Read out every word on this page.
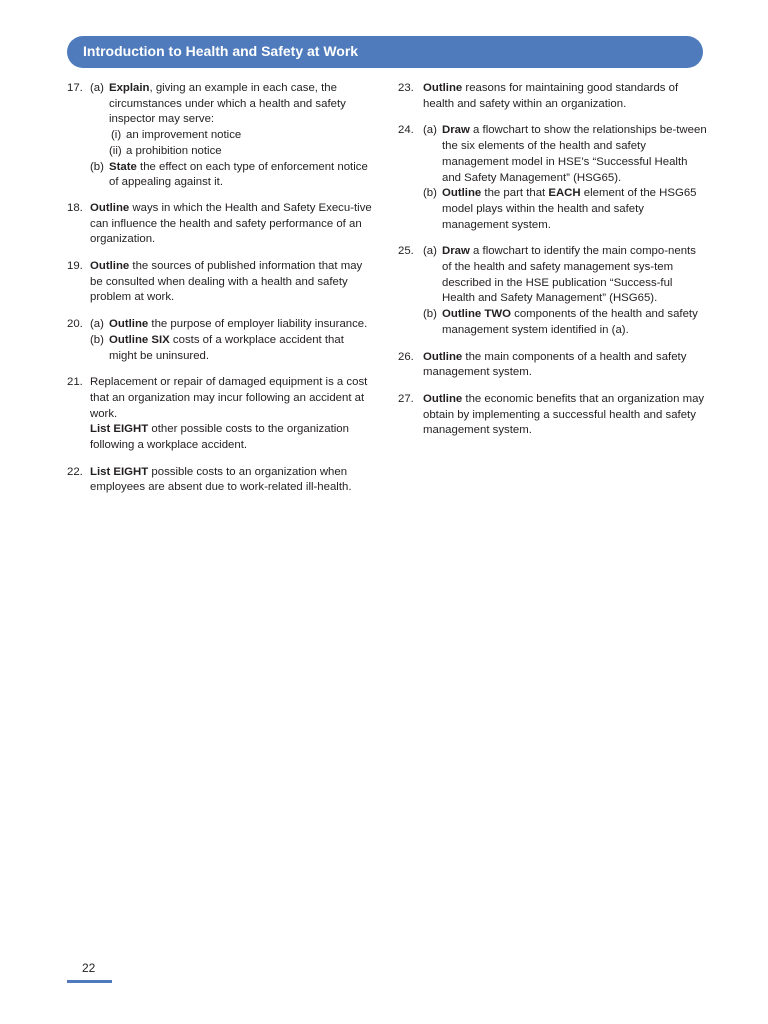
Introduction to Health and Safety at Work
17. (a) Explain, giving an example in each case, the circumstances under which a health and safety inspector may serve:
(i) an improvement notice
(ii) a prohibition notice
(b) State the effect on each type of enforcement notice of appealing against it.
18. Outline ways in which the Health and Safety Execu-tive can influence the health and safety performance of an organization.
19. Outline the sources of published information that may be consulted when dealing with a health and safety problem at work.
20. (a) Outline the purpose of employer liability insurance.
(b) Outline SIX costs of a workplace accident that might be uninsured.
21. Replacement or repair of damaged equipment is a cost that an organization may incur following an accident at work.
List EIGHT other possible costs to the organization following a workplace accident.
22. List EIGHT possible costs to an organization when employees are absent due to work-related ill-health.
23. Outline reasons for maintaining good standards of health and safety within an organization.
24. (a) Draw a flowchart to show the relationships be-tween the six elements of the health and safety management model in HSE’s “Successful Health and Safety Management” (HSG65).
(b) Outline the part that EACH element of the HSG65 model plays within the health and safety management system.
25. (a) Draw a flowchart to identify the main compo-nents of the health and safety management sys-tem described in the HSE publication “Success-ful Health and Safety Management” (HSG65).
(b) Outline TWO components of the health and safety management system identified in (a).
26. Outline the main components of a health and safety management system.
27. Outline the economic benefits that an organization may obtain by implementing a successful health and safety management system.
22
